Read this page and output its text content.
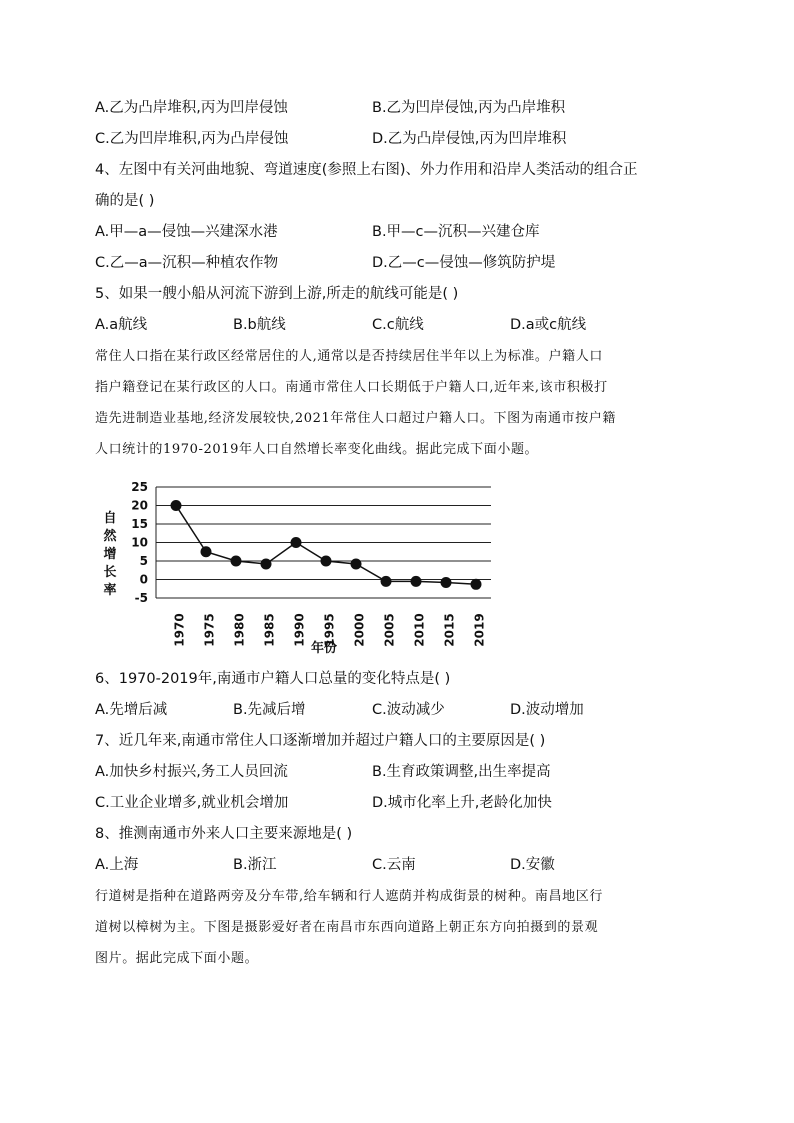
A.乙为凸岸堆积,丙为凹岸侵蚀	B.乙为凹岸侵蚀,丙为凸岸堆积
C.乙为凹岸堆积,丙为凸岸侵蚀	D.乙为凸岸侵蚀,丙为凹岸堆积
4、左图中有关河曲地貌、弯道速度(参照上右图)、外力作用和沿岸人类活动的组合正
确的是( )
A.甲—a—侵蚀—兴建深水港	B.甲—c—沉积—兴建仓库
C.乙—a—沉积—种植农作物	D.乙—c—侵蚀—修筑防护堤
5、如果一艘小船从河流下游到上游,所走的航线可能是( )
A.a航线	B.b航线	C.c航线	D.a或c航线
常住人口指在某行政区经常居住的人,通常以是否持续居住半年以上为标准。户籍人口
指户籍登记在某行政区的人口。南通市常住人口长期低于户籍人口,近年来,该市积极打
造先进制造业基地,经济发展较快,2021年常住人口超过户籍人口。下图为南通市按户籍
人口统计的1970-2019年人口自然增长率变化曲线。据此完成下面小题。
自
然
增
长
率
25
20
15
10
5
0
-5
1970 1975 1980 1985 1990 1995 2000 2005 2010 2015 2019
年份
6、1970-2019年,南通市户籍人口总量的变化特点是( )
A.先增后减	B.先减后增	C.波动减少	D.波动增加
7、近几年来,南通市常住人口逐渐增加并超过户籍人口的主要原因是( )
A.加快乡村振兴,务工人员回流	B.生育政策调整,出生率提高
C.工业企业增多,就业机会增加	D.城市化率上升,老龄化加快
8、推测南通市外来人口主要来源地是( )
A.上海	B.浙江	C.云南	D.安徽
行道树是指种在道路两旁及分车带,给车辆和行人遮荫并构成街景的树种。南昌地区行
道树以樟树为主。下图是摄影爱好者在南昌市东西向道路上朝正东方向拍摄到的景观
图片。据此完成下面小题。
